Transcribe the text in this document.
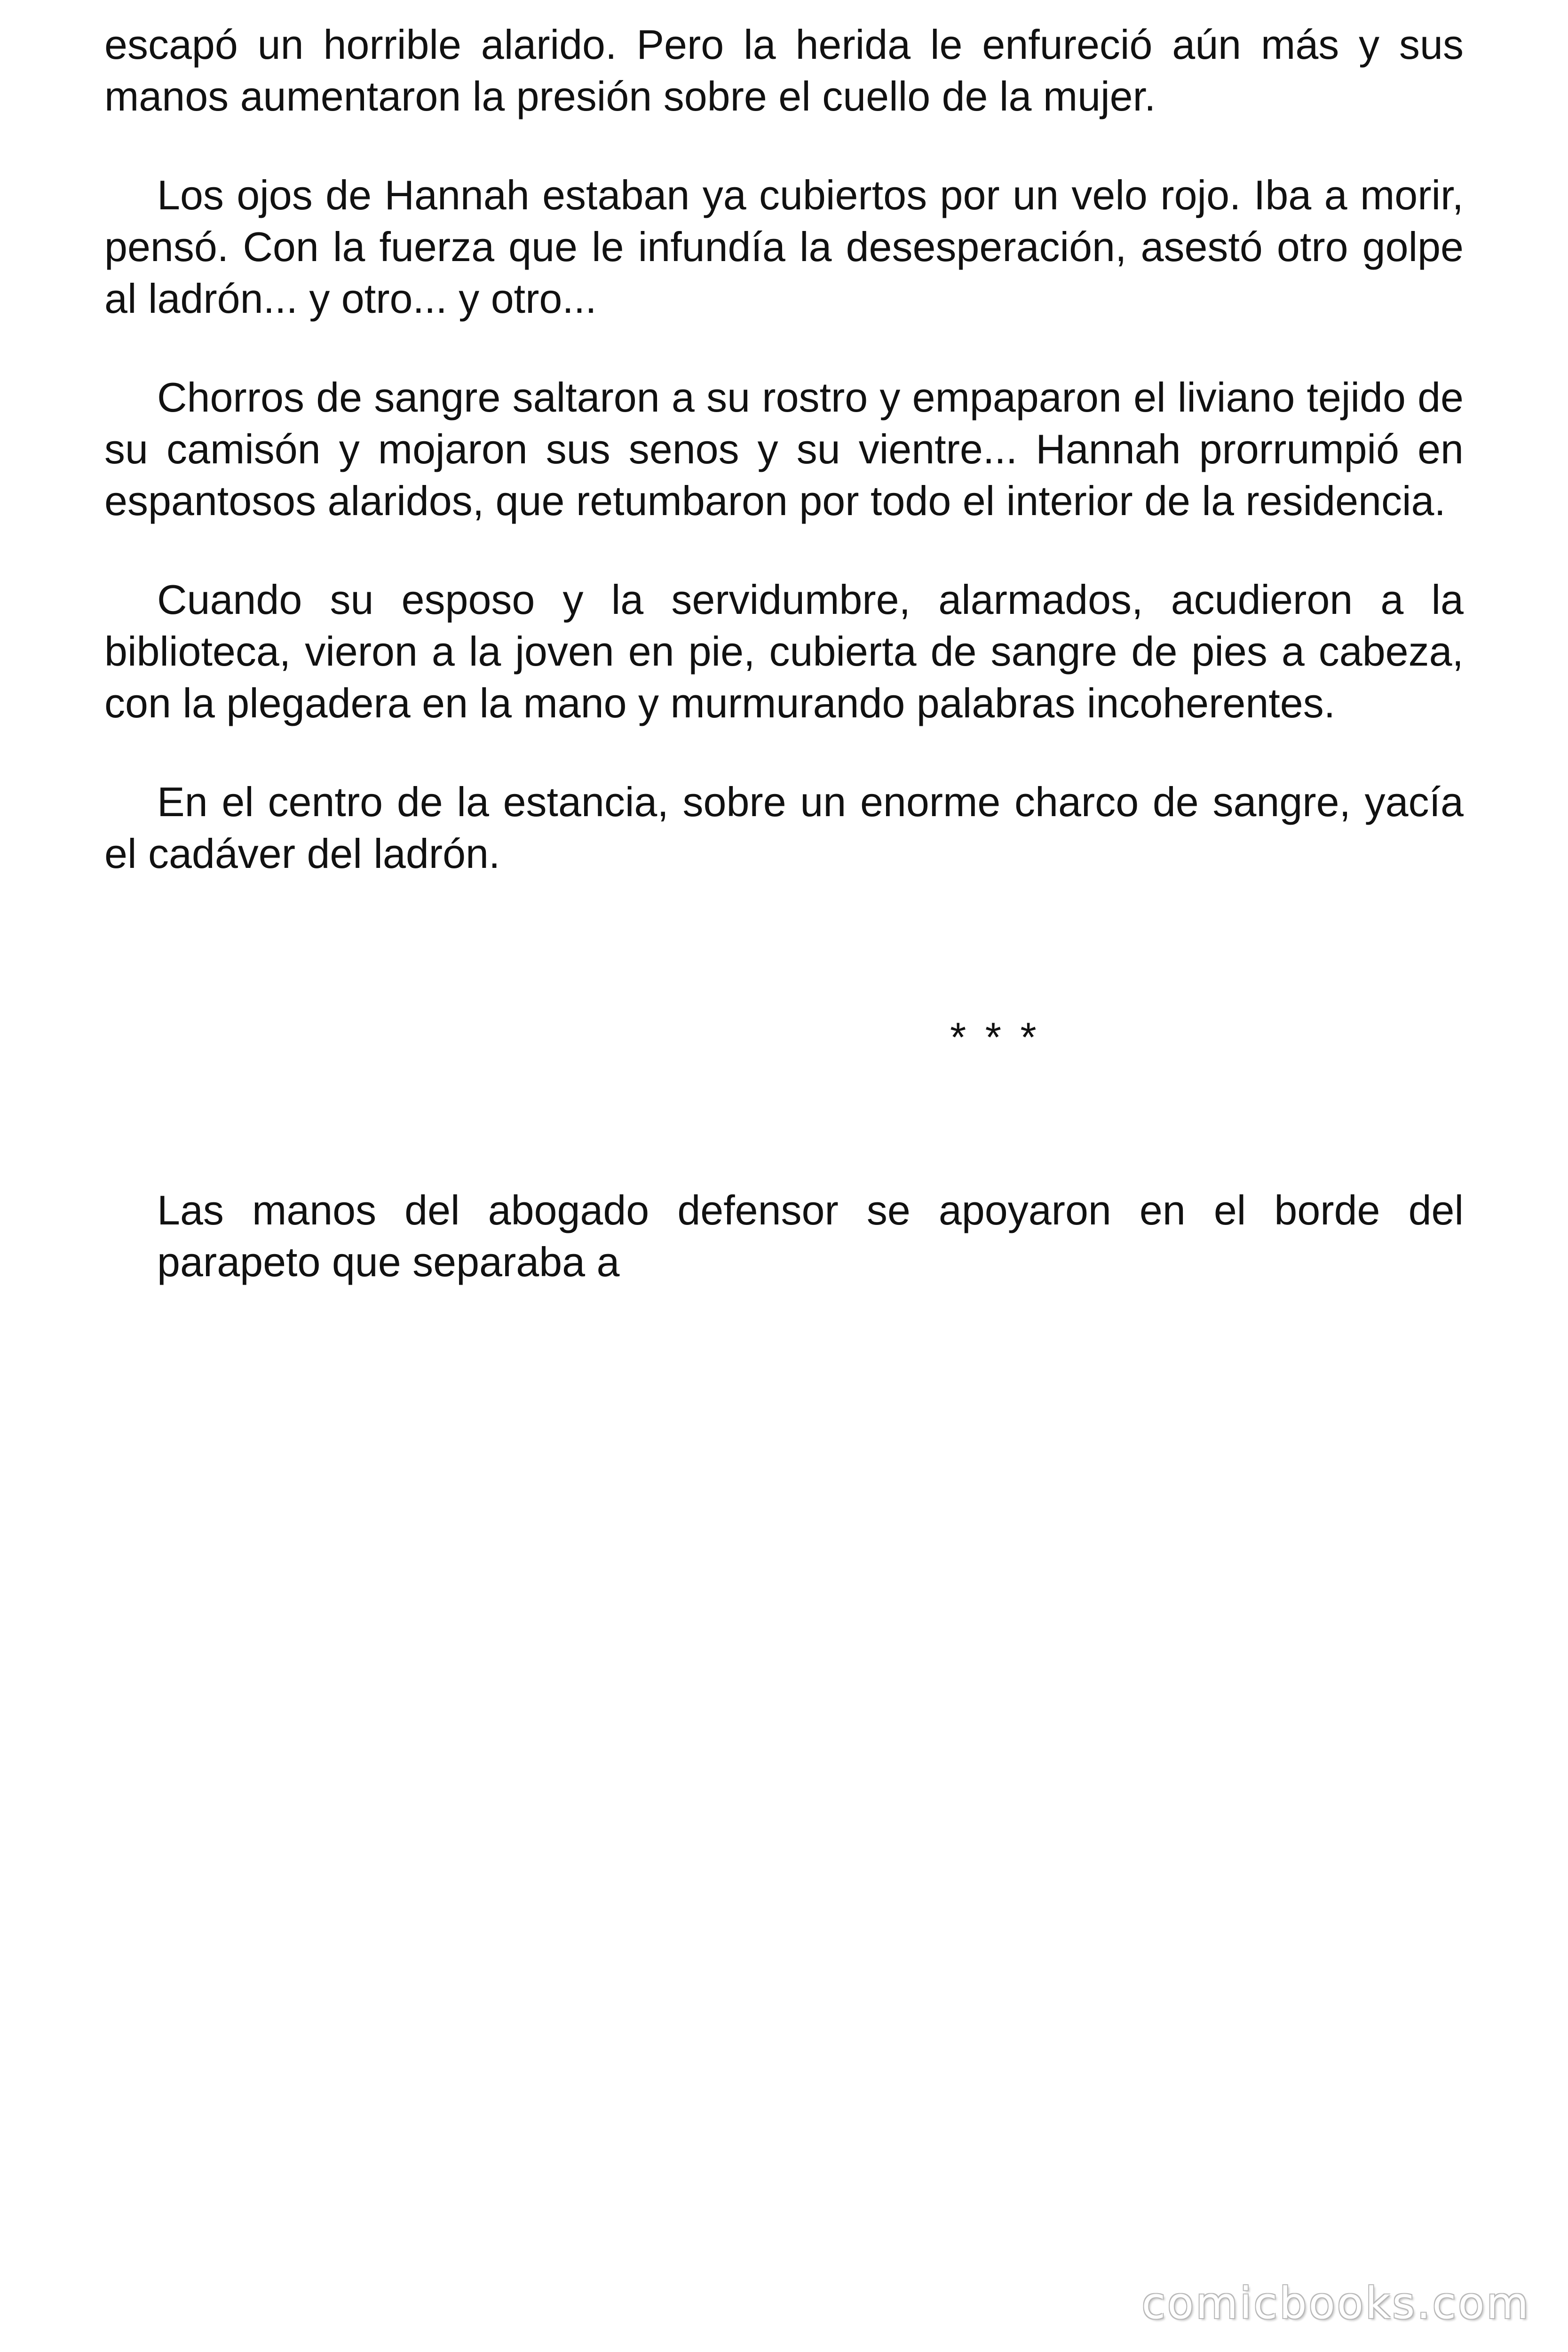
escapó un horrible alarido. Pero la herida le enfureció aún más y sus manos aumentaron la presión sobre el cuello de la mujer.

Los ojos de Hannah estaban ya cubiertos por un velo rojo. Iba a morir, pensó. Con la fuerza que le infundía la desesperación, asestó otro golpe al ladrón... y otro... y otro...

Chorros de sangre saltaron a su rostro y empaparon el liviano tejido de su camisón y mojaron sus senos y su vientre... Hannah prorrumpió en espantosos alaridos, que retumbaron por todo el interior de la residencia.

Cuando su esposo y la servidumbre, alarmados, acudieron a la biblioteca, vieron a la joven en pie, cubierta de sangre de pies a cabeza, con la plegadera en la mano y murmurando palabras incoherentes.

En el centro de la estancia, sobre un enorme charco de sangre, yacía el cadáver del ladrón.

* * *

Las manos del abogado defensor se apoyaron en el borde del parapeto que separaba a

comicbooks.com
